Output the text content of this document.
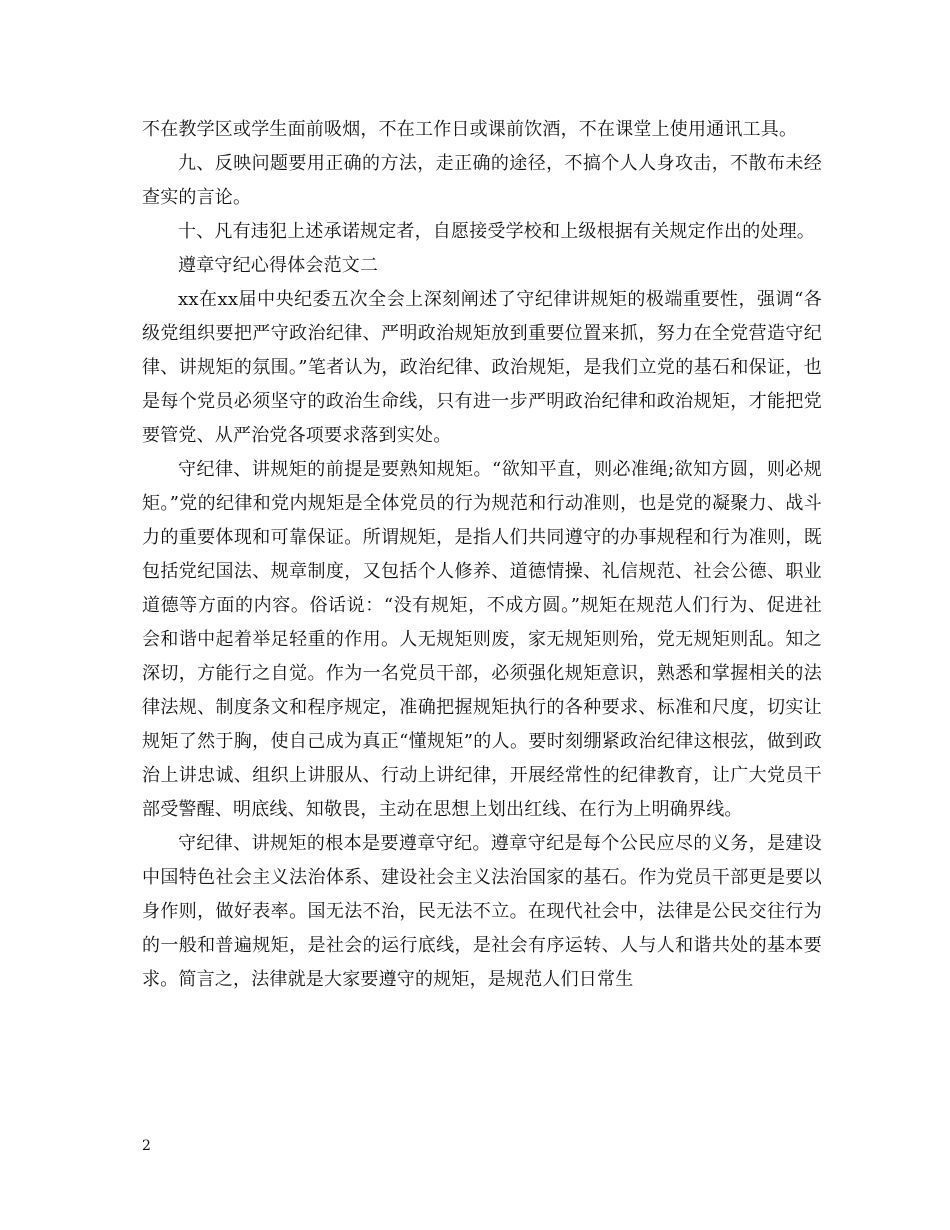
不在教学区或学生面前吸烟，不在工作日或课前饮酒，不在课堂上使用通讯工具。

九、反映问题要用正确的方法，走正确的途径，不搞个人人身攻击，不散布未经查实的言论。

十、凡有违犯上述承诺规定者，自愿接受学校和上级根据有关规定作出的处理。

遵章守纪心得体会范文二

xx在xx届中央纪委五次全会上深刻阐述了守纪律讲规矩的极端重要性，强调“各级党组织要把严守政治纪律、严明政治规矩放到重要位置来抓，努力在全党营造守纪律、讲规矩的氛围。”笔者认为，政治纪律、政治规矩，是我们立党的基石和保证，也是每个党员必须坚守的政治生命线，只有进一步严明政治纪律和政治规矩，才能把党要管党、从严治党各项要求落到实处。

守纪律、讲规矩的前提是要熟知规矩。“欲知平直，则必准绳;欲知方圆，则必规矩。”党的纪律和党内规矩是全体党员的行为规范和行动准则，也是党的凝聚力、战斗力的重要体现和可靠保证。所谓规矩，是指人们共同遵守的办事规程和行为准则，既包括党纪国法、规章制度，又包括个人修养、道德情操、礼信规范、社会公德、职业道德等方面的内容。俗话说：“没有规矩，不成方圆。”规矩在规范人们行为、促进社会和谐中起着举足轻重的作用。人无规矩则废，家无规矩则殆，党无规矩则乱。知之深切，方能行之自觉。作为一名党员干部，必须强化规矩意识，熟悉和掌握相关的法律法规、制度条文和程序规定，准确把握规矩执行的各种要求、标准和尺度，切实让规矩了然于胸，使自己成为真正“懂规矩”的人。要时刻绷紧政治纪律这根弦，做到政治上讲忠诚、组织上讲服从、行动上讲纪律，开展经常性的纪律教育，让广大党员干部受警醒、明底线、知敬畏，主动在思想上划出红线、在行为上明确界线。

守纪律、讲规矩的根本是要遵章守纪。遵章守纪是每个公民应尽的义务，是建设中国特色社会主义法治体系、建设社会主义法治国家的基石。作为党员干部更是要以身作则，做好表率。国无法不治，民无法不立。在现代社会中，法律是公民交往行为的一般和普遍规矩，是社会的运行底线，是社会有序运转、人与人和谐共处的基本要求。简言之，法律就是大家要遵守的规矩，是规范人们日常生

2
